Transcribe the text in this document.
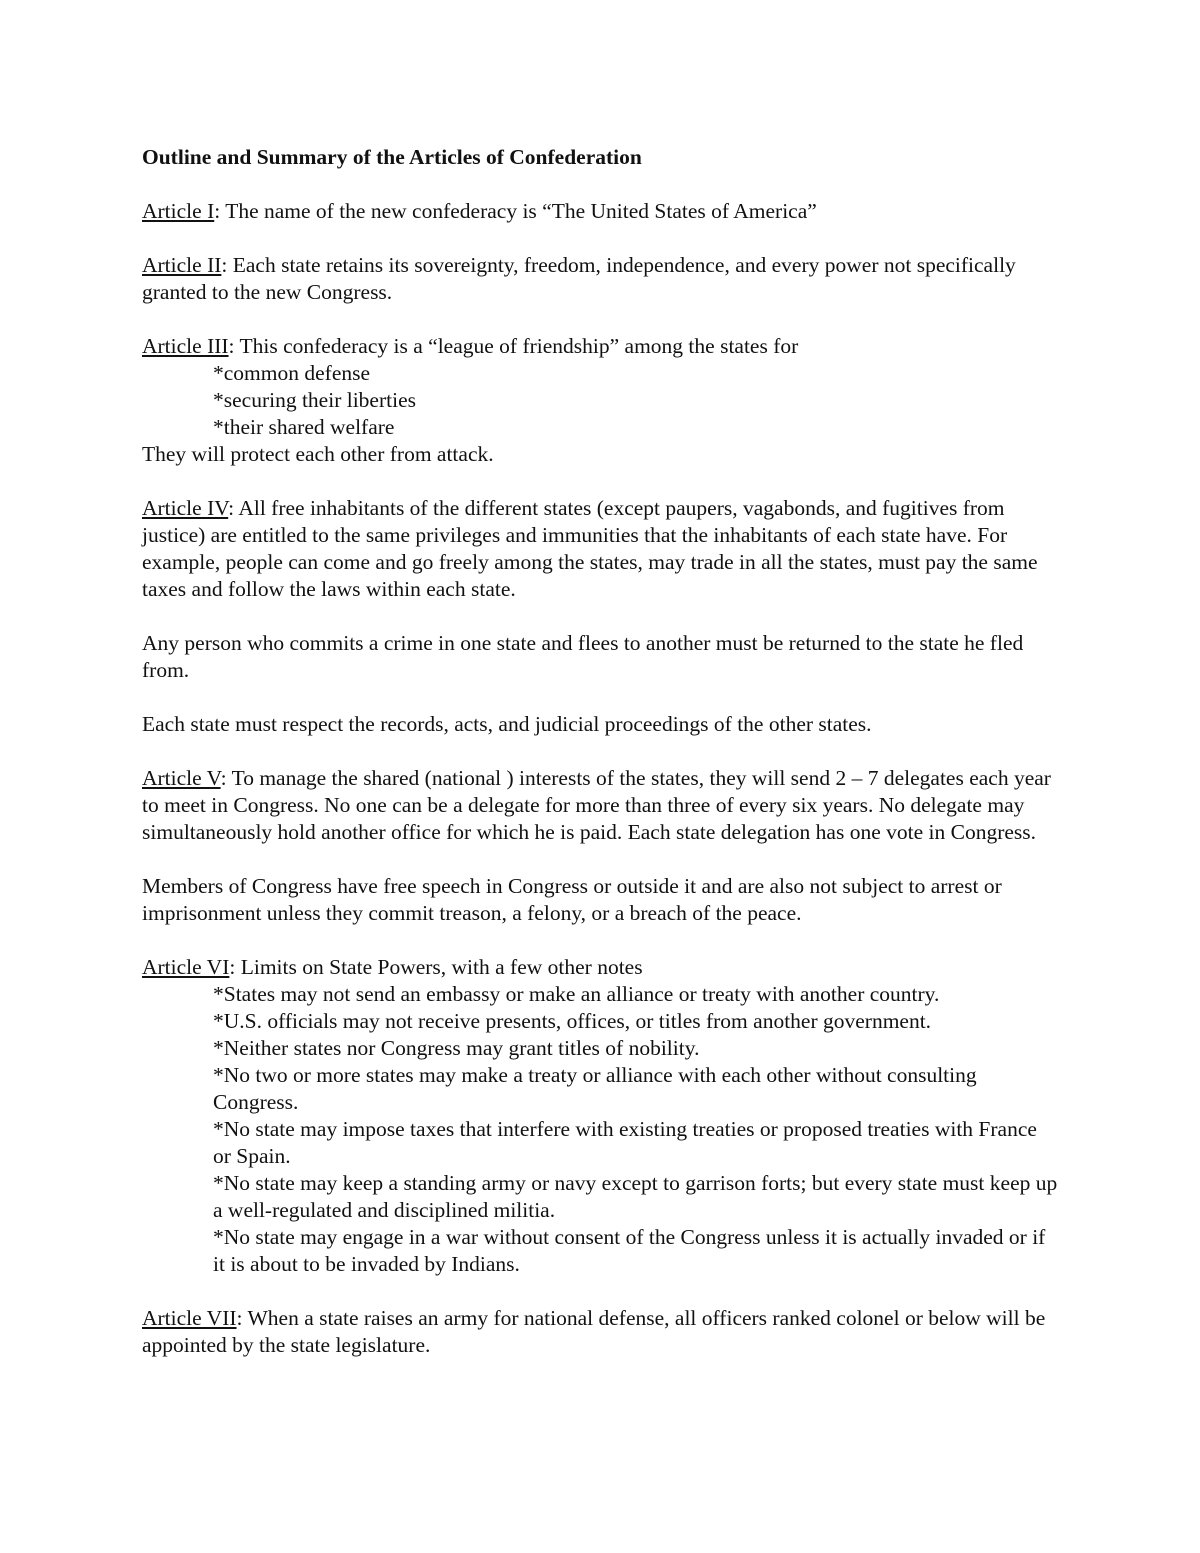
Outline and Summary of the Articles of Confederation

Article I: The name of the new confederacy is “The United States of America”

Article II: Each state retains its sovereignty, freedom, independence, and every power not specifically granted to the new Congress.

Article III: This confederacy is a “league of friendship” among the states for

*common defense
*securing their liberties
*their shared welfare
They will protect each other from attack.

Article IV: All free inhabitants of the different states (except paupers, vagabonds, and fugitives from justice) are entitled to the same privileges and immunities that the inhabitants of each state have. For example, people can come and go freely among the states, may trade in all the states, must pay the same taxes and follow the laws within each state.

Any person who commits a crime in one state and flees to another must be returned to the state he fled from.

Each state must respect the records, acts, and judicial proceedings of the other states.

Article V: To manage the shared (national ) interests of the states, they will send 2 – 7 delegates each year to meet in Congress. No one can be a delegate for more than three of every six years. No delegate may simultaneously hold another office for which he is paid. Each state delegation has one vote in Congress.

Members of Congress have free speech in Congress or outside it and are also not subject to arrest or imprisonment unless they commit treason, a felony, or a breach of the peace.

Article VI: Limits on State Powers, with a few other notes

*States may not send an embassy or make an alliance or treaty with another country.
*U.S. officials may not receive presents, offices, or titles from another government.
*Neither states nor Congress may grant titles of nobility.
*No two or more states may make a treaty or alliance with each other without consulting Congress.
*No state may impose taxes that interfere with existing treaties or proposed treaties with France or Spain.
*No state may keep a standing army or navy except to garrison forts; but every state must keep up a well-regulated and disciplined militia.
*No state may engage in a war without consent of the Congress unless it is actually invaded or if it is about to be invaded by Indians.

Article VII: When a state raises an army for national defense, all officers ranked colonel or below will be appointed by the state legislature.
